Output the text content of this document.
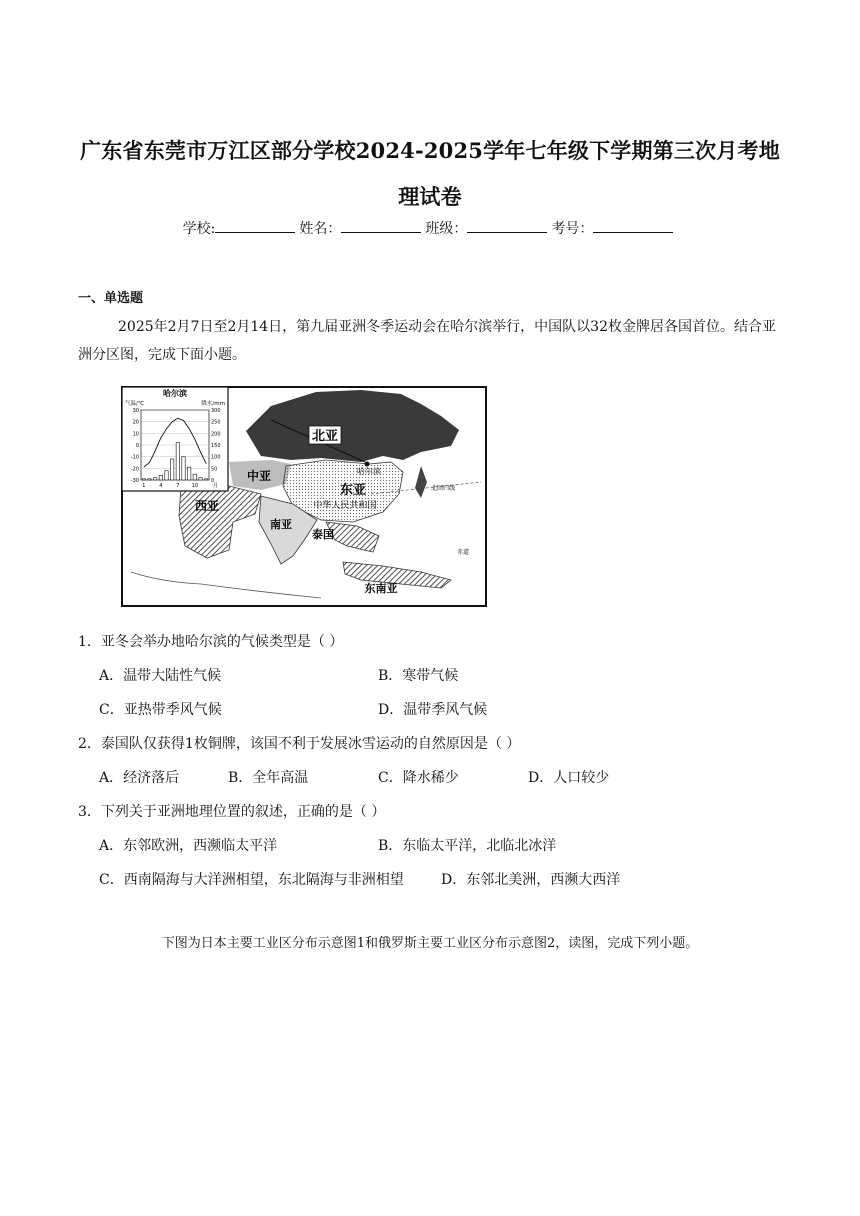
广东省东莞市万江区部分学校2024-2025学年七年级下学期第三次月考地
理试卷
学校:	姓名：	班级：	考号：
一、单选题
2025年2月7日至2月14日，第九届亚洲冬季运动会在哈尔滨举行，中国队以32枚金牌居各国首位。结合亚洲分区图，完成下面小题。
北亚
哈尔滨
中亚
东亚
中华人民共和国
西亚
南亚
泰国
东南亚
北回归线
赤道
哈尔滨
气温/℃	降水/mm
30	300
20	250
10	200
0	150
-10	100
-20	50
-30	0
1	4	7 10	月
1．亚冬会举办地哈尔滨的气候类型是（ ）
A．温带大陆性气候	B．寒带气候
C．亚热带季风气候	D．温带季风气候
2．泰国队仅获得1枚铜牌，该国不利于发展冰雪运动的自然原因是（ ）
A．经济落后	B．全年高温	C．降水稀少	D．人口较少
3．下列关于亚洲地理位置的叙述，正确的是（ ）
A．东邻欧洲，西濒临太平洋	B．东临太平洋，北临北冰洋
C．西南隔海与大洋洲相望，东北隔海与非洲相望	D．东邻北美洲，西濒大西洋
下图为日本主要工业区分布示意图1和俄罗斯主要工业区分布示意图2，读图，完成下列小题。
